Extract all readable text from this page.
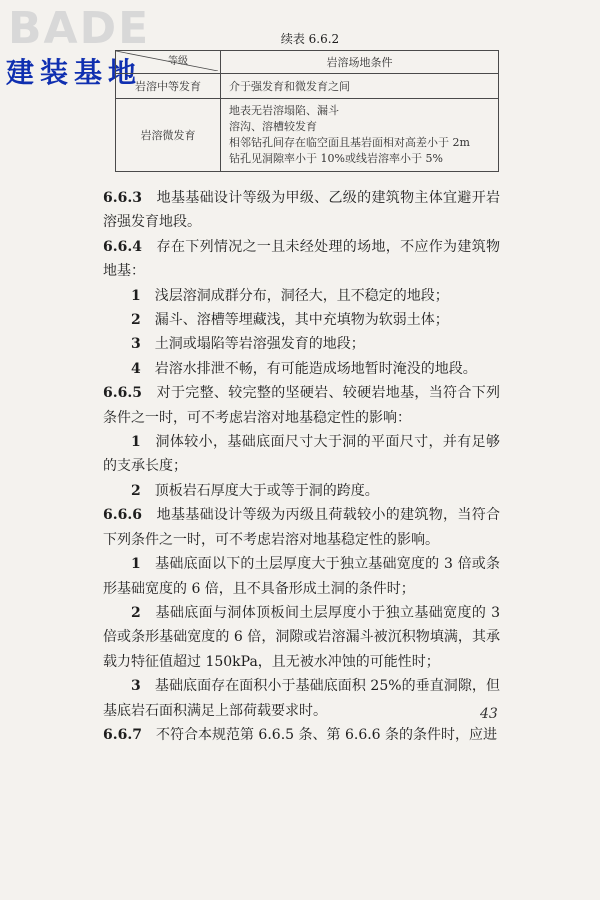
BADE
建装基地
续表 6.6.2
等级	岩溶场地条件
岩溶中等发育	介于强发育和微发育之间
岩溶微发育	地表无岩溶塌陷、漏斗
溶沟、溶槽较发育
相邻钻孔间存在临空面且基岩面相对高差小于 2m
钻孔见洞隙率小于 10%或线岩溶率小于 5%

6.6.3　 地基基础设计等级为甲级、乙级的建筑物主体宜避开岩溶强发育地段。

6.6.4　 存在下列情况之一且未经处理的场地，不应作为建筑物地基：

1　 浅层溶洞成群分布，洞径大，且不稳定的地段；

2　 漏斗、溶槽等埋藏浅，其中充填物为软弱土体；

3　 土洞或塌陷等岩溶强发育的地段；

4　 岩溶水排泄不畅，有可能造成场地暂时淹没的地段。

6.6.5　 对于完整、较完整的坚硬岩、较硬岩地基，当符合下列条件之一时，可不考虑岩溶对地基稳定性的影响：

1　 洞体较小，基础底面尺寸大于洞的平面尺寸，并有足够的支承长度；

2　 顶板岩石厚度大于或等于洞的跨度。

6.6.6　 地基基础设计等级为丙级且荷载较小的建筑物，当符合下列条件之一时，可不考虑岩溶对地基稳定性的影响。

1　 基础底面以下的土层厚度大于独立基础宽度的 3 倍或条形基础宽度的 6 倍，且不具备形成土洞的条件时；

2　 基础底面与洞体顶板间土层厚度小于独立基础宽度的 3 倍或条形基础宽度的 6 倍，洞隙或岩溶漏斗被沉积物填满，其承载力特征值超过 150kPa，且无被水冲蚀的可能性时；

3　 基础底面存在面积小于基础底面积 25%的垂直洞隙，但基底岩石面积满足上部荷载要求时。

6.6.7　 不符合本规范第 6.6.5 条、第 6.6.6 条的条件时，应进

43
